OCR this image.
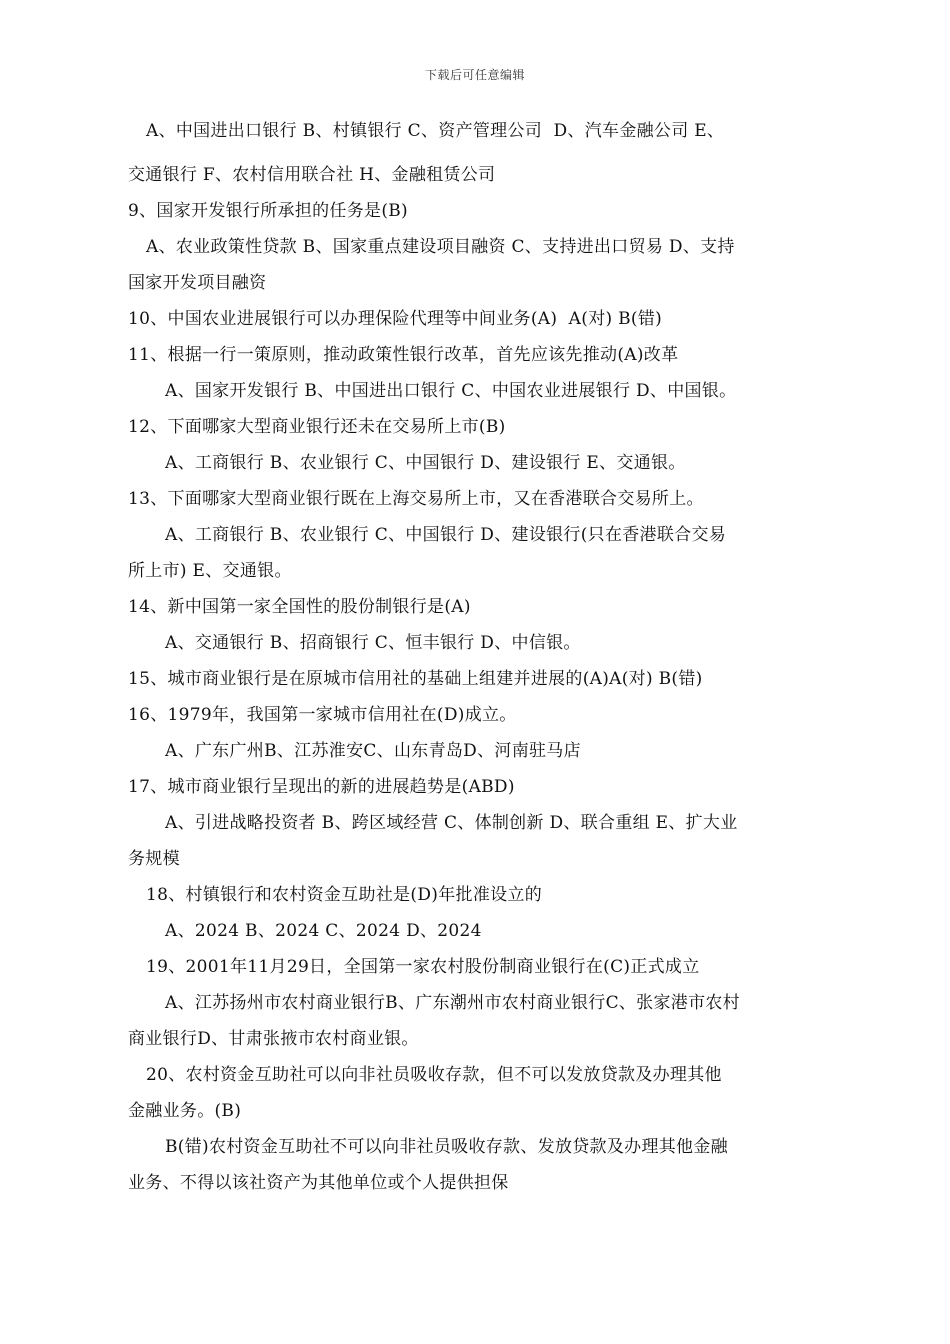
下载后可任意编辑
A、中国进出口银行 B、村镇银行 C、资产管理公司  D、汽车金融公司 E、
交通银行 F、农村信用联合社 H、金融租赁公司
9、国家开发银行所承担的任务是(B)
A、农业政策性贷款 B、国家重点建设项目融资 C、支持进出口贸易 D、支持
国家开发项目融资
10、中国农业进展银行可以办理保险代理等中间业务(A)  A(对) B(错)
11、根据一行一策原则，推动政策性银行改革，首先应该先推动(A)改革
A、国家开发银行 B、中国进出口银行 C、中国农业进展银行 D、中国银。
12、下面哪家大型商业银行还未在交易所上市(B)
A、工商银行 B、农业银行 C、中国银行 D、建设银行 E、交通银。
13、下面哪家大型商业银行既在上海交易所上市，又在香港联合交易所上。
A、工商银行 B、农业银行 C、中国银行 D、建设银行(只在香港联合交易
所上市) E、交通银。
14、新中国第一家全国性的股份制银行是(A)
A、交通银行 B、招商银行 C、恒丰银行 D、中信银。
15、城市商业银行是在原城市信用社的基础上组建并进展的(A)A(对) B(错)
16、1979年，我国第一家城市信用社在(D)成立。
A、广东广州B、江苏淮安C、山东青岛D、河南驻马店
17、城市商业银行呈现出的新的进展趋势是(ABD)
A、引进战略投资者 B、跨区域经营 C、体制创新 D、联合重组 E、扩大业
务规模
18、村镇银行和农村资金互助社是(D)年批准设立的
A、2024 B、2024 C、2024 D、2024
19、2001年11月29日，全国第一家农村股份制商业银行在(C)正式成立
A、江苏扬州市农村商业银行B、广东潮州市农村商业银行C、张家港市农村
商业银行D、甘肃张掖市农村商业银。
20、农村资金互助社可以向非社员吸收存款，但不可以发放贷款及办理其他
金融业务。(B)
B(错)农村资金互助社不可以向非社员吸收存款、发放贷款及办理其他金融
业务、不得以该社资产为其他单位或个人提供担保
